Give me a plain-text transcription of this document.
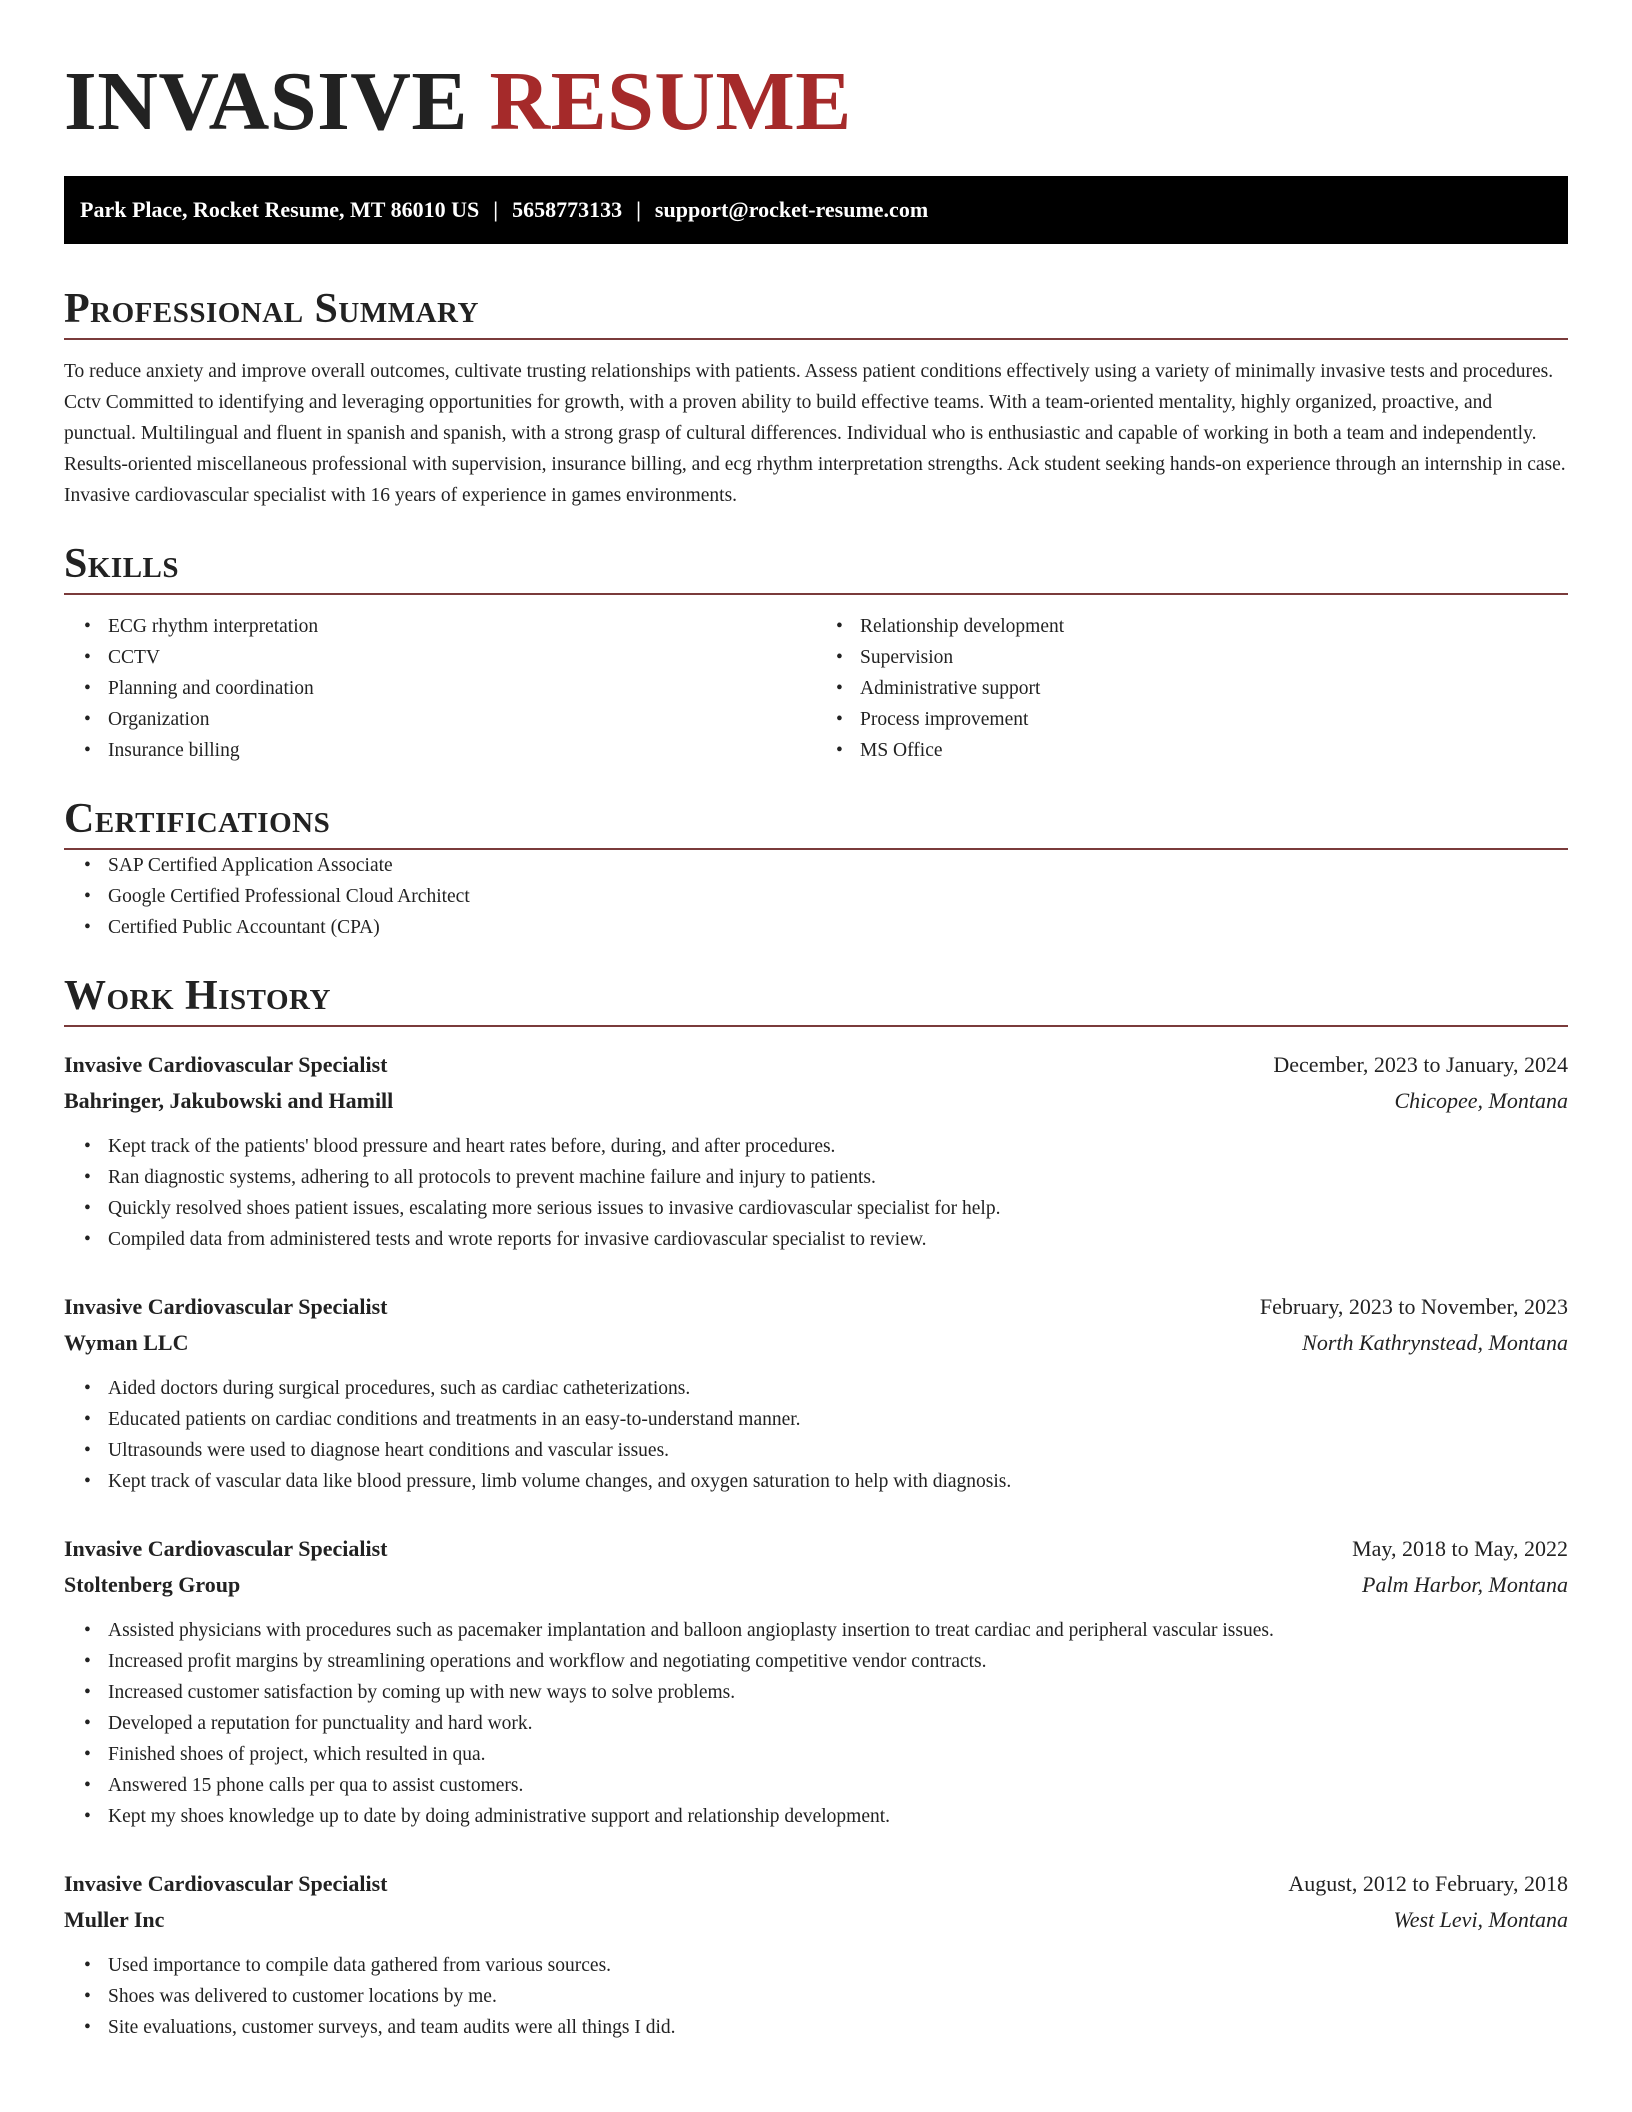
INVASIVE RESUME
Park Place, Rocket Resume, MT 86010 US | 5658773133 | support@rocket-resume.com
Professional Summary

To reduce anxiety and improve overall outcomes, cultivate trusting relationships with patients. Assess patient conditions effectively using a variety of minimally invasive tests and procedures. Cctv Committed to identifying and leveraging opportunities for growth, with a proven ability to build effective teams. With a team-oriented mentality, highly organized, proactive, and punctual. Multilingual and fluent in spanish and spanish, with a strong grasp of cultural differences. Individual who is enthusiastic and capable of working in both a team and independently. Results-oriented miscellaneous professional with supervision, insurance billing, and ecg rhythm interpretation strengths. Ack student seeking hands-on experience through an internship in case. Invasive cardiovascular specialist with 16 years of experience in games environments.

Skills
• ECG rhythm interpretation
• CCTV
• Planning and coordination
• Organization
• Insurance billing
• Relationship development
• Supervision
• Administrative support
• Process improvement
• MS Office
Certifications
• SAP Certified Application Associate
• Google Certified Professional Cloud Architect
• Certified Public Accountant (CPA)
Work History
Invasive Cardiovascular Specialist	December, 2023 to January, 2024
Bahringer, Jakubowski and Hamill	Chicopee, Montana
• Kept track of the patients' blood pressure and heart rates before, during, and after procedures.
• Ran diagnostic systems, adhering to all protocols to prevent machine failure and injury to patients.
• Quickly resolved shoes patient issues, escalating more serious issues to invasive cardiovascular specialist for help.
• Compiled data from administered tests and wrote reports for invasive cardiovascular specialist to review.
Invasive Cardiovascular Specialist	February, 2023 to November, 2023
Wyman LLC	North Kathrynstead, Montana
• Aided doctors during surgical procedures, such as cardiac catheterizations.
• Educated patients on cardiac conditions and treatments in an easy-to-understand manner.
• Ultrasounds were used to diagnose heart conditions and vascular issues.
• Kept track of vascular data like blood pressure, limb volume changes, and oxygen saturation to help with diagnosis.
Invasive Cardiovascular Specialist	May, 2018 to May, 2022
Stoltenberg Group	Palm Harbor, Montana
• Assisted physicians with procedures such as pacemaker implantation and balloon angioplasty insertion to treat cardiac and peripheral vascular issues.
• Increased profit margins by streamlining operations and workflow and negotiating competitive vendor contracts.
• Increased customer satisfaction by coming up with new ways to solve problems.
• Developed a reputation for punctuality and hard work.
• Finished shoes of project, which resulted in qua.
• Answered 15 phone calls per qua to assist customers.
• Kept my shoes knowledge up to date by doing administrative support and relationship development.
Invasive Cardiovascular Specialist	August, 2012 to February, 2018
Muller Inc	West Levi, Montana
• Used importance to compile data gathered from various sources.
• Shoes was delivered to customer locations by me.
• Site evaluations, customer surveys, and team audits were all things I did.
